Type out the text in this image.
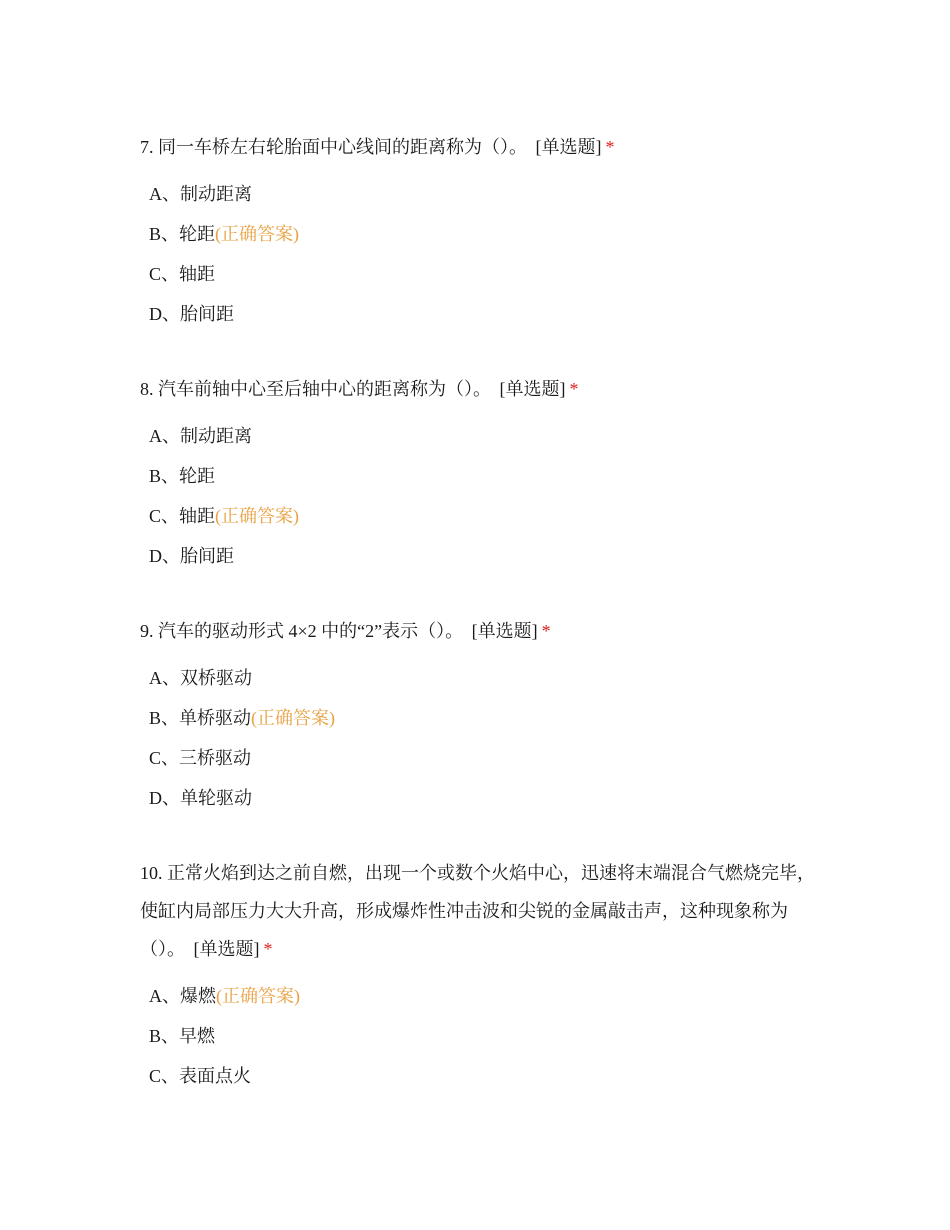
7. 同一车桥左右轮胎面中心线间的距离称为（）。 [单选题] *

A、制动距离
B、轮距(正确答案)
C、轴距
D、胎间距

8. 汽车前轴中心至后轴中心的距离称为（）。 [单选题] *

A、制动距离
B、轮距
C、轴距(正确答案)
D、胎间距

9. 汽车的驱动形式 4×2 中的“2”表示（）。 [单选题] *

A、双桥驱动
B、单桥驱动(正确答案)
C、三桥驱动
D、单轮驱动

10. 正常火焰到达之前自燃，出现一个或数个火焰中心，迅速将末端混合气燃烧完毕，使缸内局部压力大大升高，形成爆炸性冲击波和尖锐的金属敲击声，这种现象称为（）。 [单选题] *

A、爆燃(正确答案)
B、早燃
C、表面点火
